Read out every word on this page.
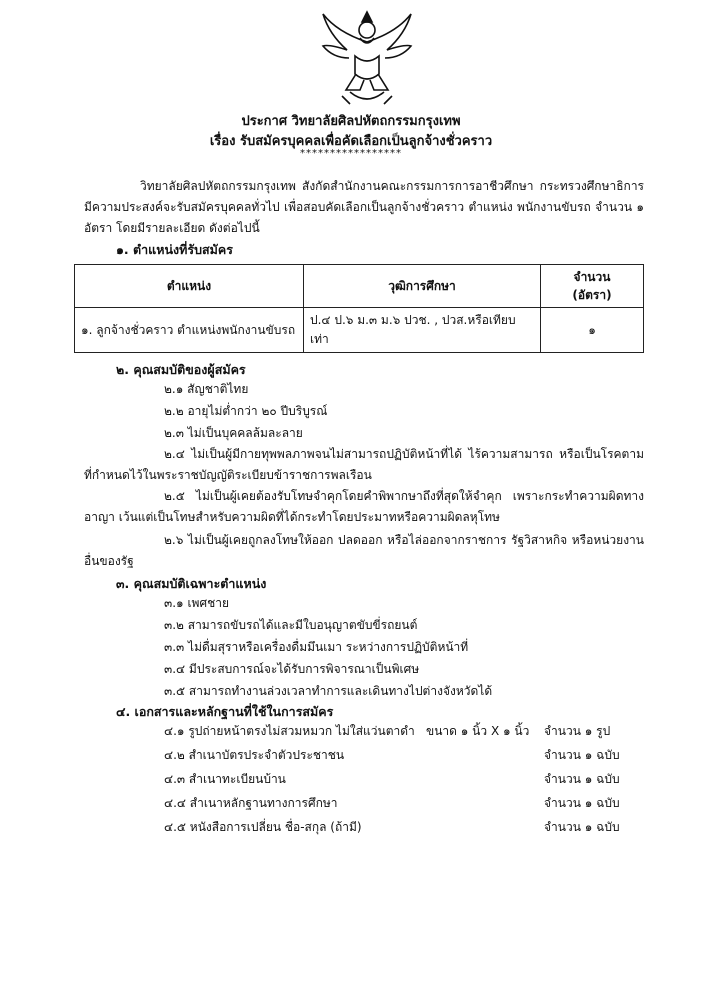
ประกาศ วิทยาลัยศิลปหัตถกรรมกรุงเทพ
เรื่อง รับสมัครบุคคลเพื่อคัดเลือกเป็นลูกจ้างชั่วคราว
*****************
วิทยาลัยศิลปหัตถกรรมกรุงเทพ สังกัดสำนักงานคณะกรรมการการอาชีวศึกษา กระทรวงศึกษาธิการ มีความประสงค์จะรับสมัครบุคคลทั่วไป เพื่อสอบคัดเลือกเป็นลูกจ้างชั่วคราว ตำแหน่ง พนักงานขับรถ จำนวน ๑ อัตรา โดยมีรายละเอียด ดังต่อไปนี้
๑. ตำแหน่งที่รับสมัคร
ตำแหน่ง	วุฒิการศึกษา	จำนวน
(อัตรา)
๑. ลูกจ้างชั่วคราว ตำแหน่งพนักงานขับรถ	ป.๔ ป.๖ ม.๓ ม.๖ ปวช. , ปวส.หรือเทียบเท่า	๑
๒. คุณสมบัติของผู้สมัคร
๒.๑ สัญชาติไทย
๒.๒ อายุไม่ต่ำกว่า ๒๐ ปีบริบูรณ์
๒.๓ ไม่เป็นบุคคลล้มละลาย
๒.๔ ไม่เป็นผู้มีกายทุพพลภาพจนไม่สามารถปฏิบัติหน้าที่ได้ ไร้ความสามารถ หรือเป็นโรคตามที่กำหนดไว้ในพระราชบัญญัติระเบียบข้าราชการพลเรือน
๒.๕ ไม่เป็นผู้เคยต้องรับโทษจำคุกโดยคำพิพากษาถึงที่สุดให้จำคุก เพราะกระทำความผิดทาง อาญา เว้นแต่เป็นโทษสำหรับความผิดที่ได้กระทำโดยประมาทหรือความผิดลหุโทษ
๒.๖ ไม่เป็นผู้เคยถูกลงโทษให้ออก ปลดออก หรือไล่ออกจากราชการ รัฐวิสาหกิจ หรือหน่วยงาน อื่นของรัฐ
๓. คุณสมบัติเฉพาะตำแหน่ง
๓.๑ เพศชาย
๓.๒ สามารถขับรถได้และมีใบอนุญาตขับขี่รถยนต์
๓.๓ ไม่ดื่มสุราหรือเครื่องดื่มมึนเมา ระหว่างการปฏิบัติหน้าที่
๓.๔ มีประสบการณ์จะได้รับการพิจารณาเป็นพิเศษ
๓.๕ สามารถทำงานล่วงเวลาทำการและเดินทางไปต่างจังหวัดได้
๔. เอกสารและหลักฐานที่ใช้ในการสมัคร
๔.๑ รูปถ่ายหน้าตรงไม่สวมหมวก ไม่ใส่แว่นตาดำ ขนาด ๑ นิ้ว X ๑ นิ้ว จำนวน ๑ รูป
๔.๒ สำเนาบัตรประจำตัวประชาชน	จำนวน ๑ ฉบับ
๔.๓ สำเนาทะเบียนบ้าน	จำนวน ๑ ฉบับ
๔.๔ สำเนาหลักฐานทางการศึกษา	จำนวน ๑ ฉบับ
๔.๕ หนังสือการเปลี่ยน ชื่อ-สกุล (ถ้ามี)	จำนวน ๑ ฉบับ
